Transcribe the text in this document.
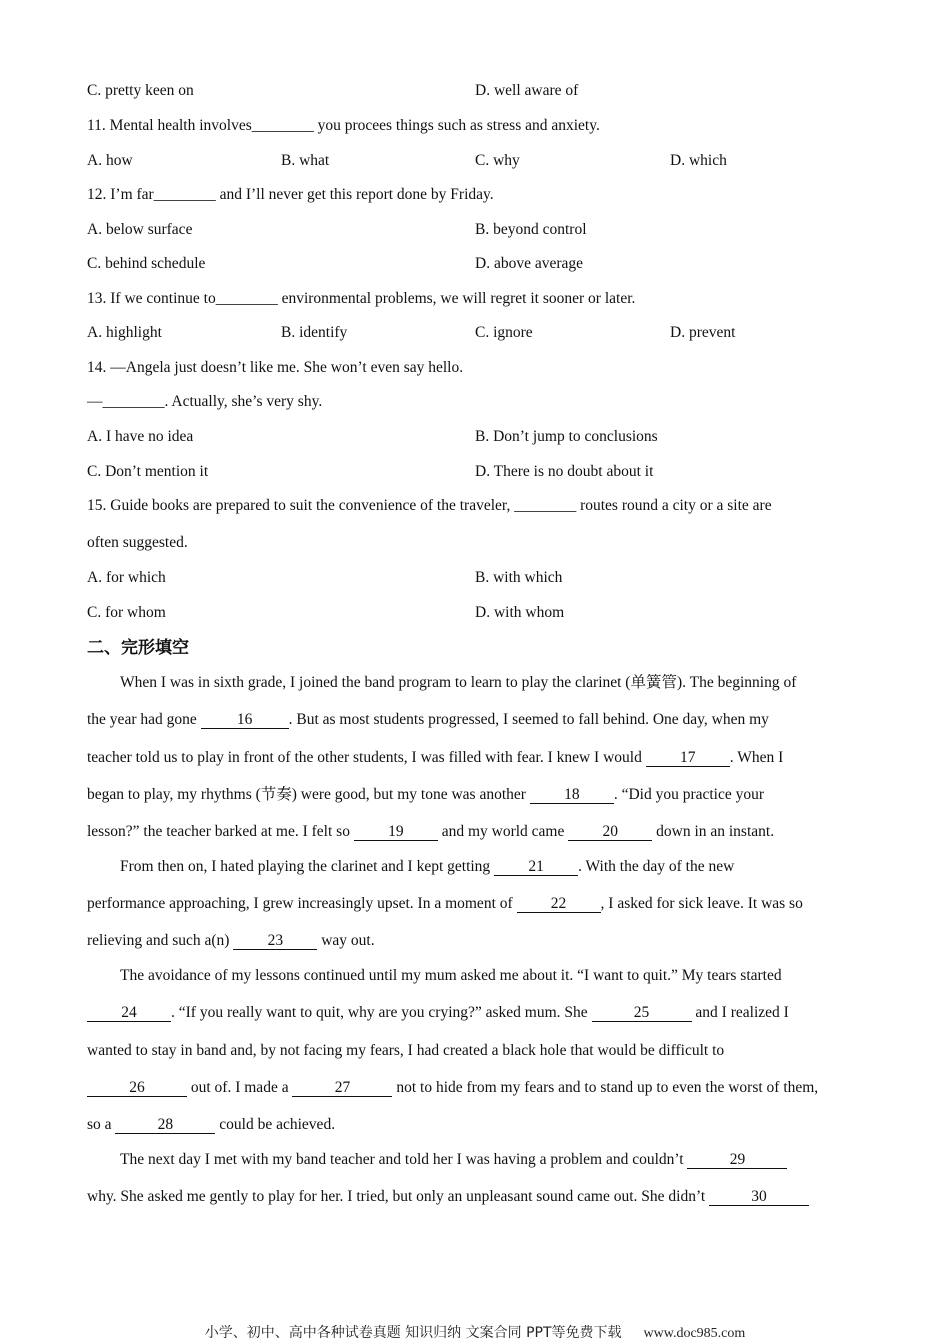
C. pretty keen on	D. well aware of
11. Mental health involves________ you procees things such as stress and anxiety.
A. how	B. what	C. why	D. which
12. I’m far________ and I’ll never get this report done by Friday.
A. below surface	B. beyond control
C. behind schedule	D. above average
13. If we continue to________ environmental problems, we will regret it sooner or later.
A. highlight	B. identify	C. ignore	D. prevent
14. —Angela just doesn’t like me. She won’t even say hello.
—________. Actually, she’s very shy.
A. I have no idea	B. Don’t jump to conclusions
C. Don’t mention it	D. There is no doubt about it
15. Guide books are prepared to suit the convenience of the traveler, ________ routes round a city or a site are
often suggested.
A. for which	B. with which
C. for whom	D. with whom
二、完形填空
When I was in sixth grade, I joined the band program to learn to play the clarinet (单簧管). The beginning of
the year had gone 16 . But as most students progressed, I seemed to fall behind. One day, when my
teacher told us to play in front of the other students, I was filled with fear. I knew I would 17 . When I
began to play, my rhythms (节奏) were good, but my tone was another 18 . “Did you practice your
lesson?” the teacher barked at me. I felt so 19 and my world came 20 down in an instant.
From then on, I hated playing the clarinet and I kept getting 21 . With the day of the new
performance approaching, I grew increasingly upset. In a moment of 22 , I asked for sick leave. It was so
relieving and such a(n) 23 way out.
The avoidance of my lessons continued until my mum asked me about it. “I want to quit.” My tears started
24 . “If you really want to quit, why are you crying?” asked mum. She	25	and I realized I
wanted to stay in band and, by not facing my fears, I had created a black hole that would be difficult to
26	out of. I made a	27	not to hide from my fears and to stand up to even the worst of them,
so a	28	could be achieved.
The next day I met with my band teacher and told her I was having a problem and couldn’t	29
why. She asked me gently to play for her. I tried, but only an unpleasant sound came out. She didn’t	30
小学、初中、高中各种试卷真题 知识归纳 文案合同 PPT等免费下载 www.doc985.com
